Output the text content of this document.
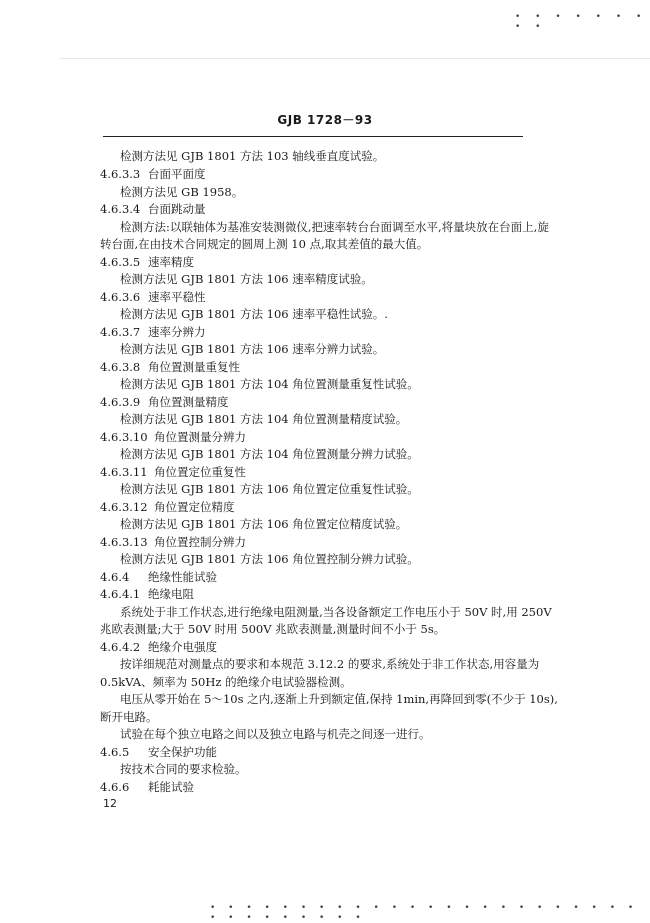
• • • • • • • • •
GJB 1728－93
检测方法见 GJB 1801 方法 103 轴线垂直度试验。
4.6.3.3 台面平面度
检测方法见 GB 1958。
4.6.3.4 台面跳动量
检测方法:以联轴体为基准安装测微仪,把速率转台台面调至水平,将量块放在台面上,旋
转台面,在由技术合同规定的圆周上测 10 点,取其差值的最大值。
4.6.3.5 速率精度
检测方法见 GJB 1801 方法 106 速率精度试验。
4.6.3.6 速率平稳性
检测方法见 GJB 1801 方法 106 速率平稳性试验。.
4.6.3.7 速率分辨力
检测方法见 GJB 1801 方法 106 速率分辨力试验。
4.6.3.8 角位置测量重复性
检测方法见 GJB 1801 方法 104 角位置测量重复性试验。
4.6.3.9 角位置测量精度
检测方法见 GJB 1801 方法 104 角位置测量精度试验。
4.6.3.10 角位置测量分辨力
检测方法见 GJB 1801 方法 104 角位置测量分辨力试验。
4.6.3.11 角位置定位重复性
检测方法见 GJB 1801 方法 106 角位置定位重复性试验。
4.6.3.12 角位置定位精度
检测方法见 GJB 1801 方法 106 角位置定位精度试验。
4.6.3.13 角位置控制分辨力
检测方法见 GJB 1801 方法 106 角位置控制分辨力试验。
4.6.4 绝缘性能试验
4.6.4.1 绝缘电阻
系统处于非工作状态,进行绝缘电阻测量,当各设备额定工作电压小于 50V 时,用 250V
兆欧表测量;大于 50V 时用 500V 兆欧表测量,测量时间不小于 5s。
4.6.4.2 绝缘介电强度
按详细规范对测量点的要求和本规范 3.12.2 的要求,系统处于非工作状态,用容量为
0.5kVA、频率为 50Hz 的绝缘介电试验器检测。
电压从零开始在 5～10s 之内,逐渐上升到额定值,保持 1min,再降回到零(不少于 10s),
断开电路。
试验在每个独立电路之间以及独立电路与机壳之间逐一进行。
4.6.5 安全保护功能
按技术合同的要求检验。
4.6.6 耗能试验
12
• • • • • • • • • • • • • • • • • • • • • • • • • • • • • • • • •
